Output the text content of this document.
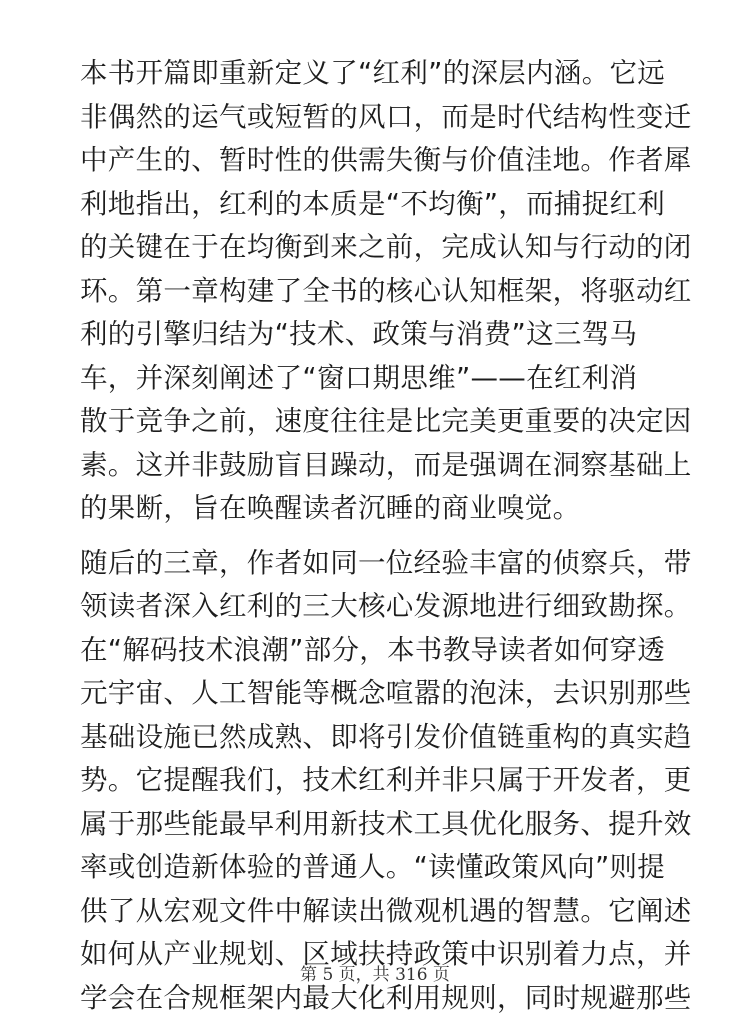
本书开篇即重新定义了“红利”的深层内涵。它远
非偶然的运气或短暂的风口，而是时代结构性变迁
中产生的、暂时性的供需失衡与价值洼地。作者犀
利地指出，红利的本质是“不均衡”，而捕捉红利
的关键在于在均衡到来之前，完成认知与行动的闭
环。第一章构建了全书的核心认知框架，将驱动红
利的引擎归结为“技术、政策与消费”这三驾马
车，并深刻阐述了“窗口期思维”——在红利消
散于竞争之前，速度往往是比完美更重要的决定因
素。这并非鼓励盲目躁动，而是强调在洞察基础上
的果断，旨在唤醒读者沉睡的商业嗅觉。

随后的三章，作者如同一位经验丰富的侦察兵，带
领读者深入红利的三大核心发源地进行细致勘探。
在“解码技术浪潮”部分，本书教导读者如何穿透
元宇宙、人工智能等概念喧嚣的泡沫，去识别那些
基础设施已然成熟、即将引发价值链重构的真实趋
势。它提醒我们，技术红利并非只属于开发者，更
属于那些能最早利用新技术工具优化服务、提升效
率或创造新体验的普通人。“读懂政策风向”则提
供了从宏观文件中解读出微观机遇的智慧。它阐述
如何从产业规划、区域扶持政策中识别着力点，并
学会在合规框架内最大化利用规则，同时规避那些

第 5 页，共 316 页
